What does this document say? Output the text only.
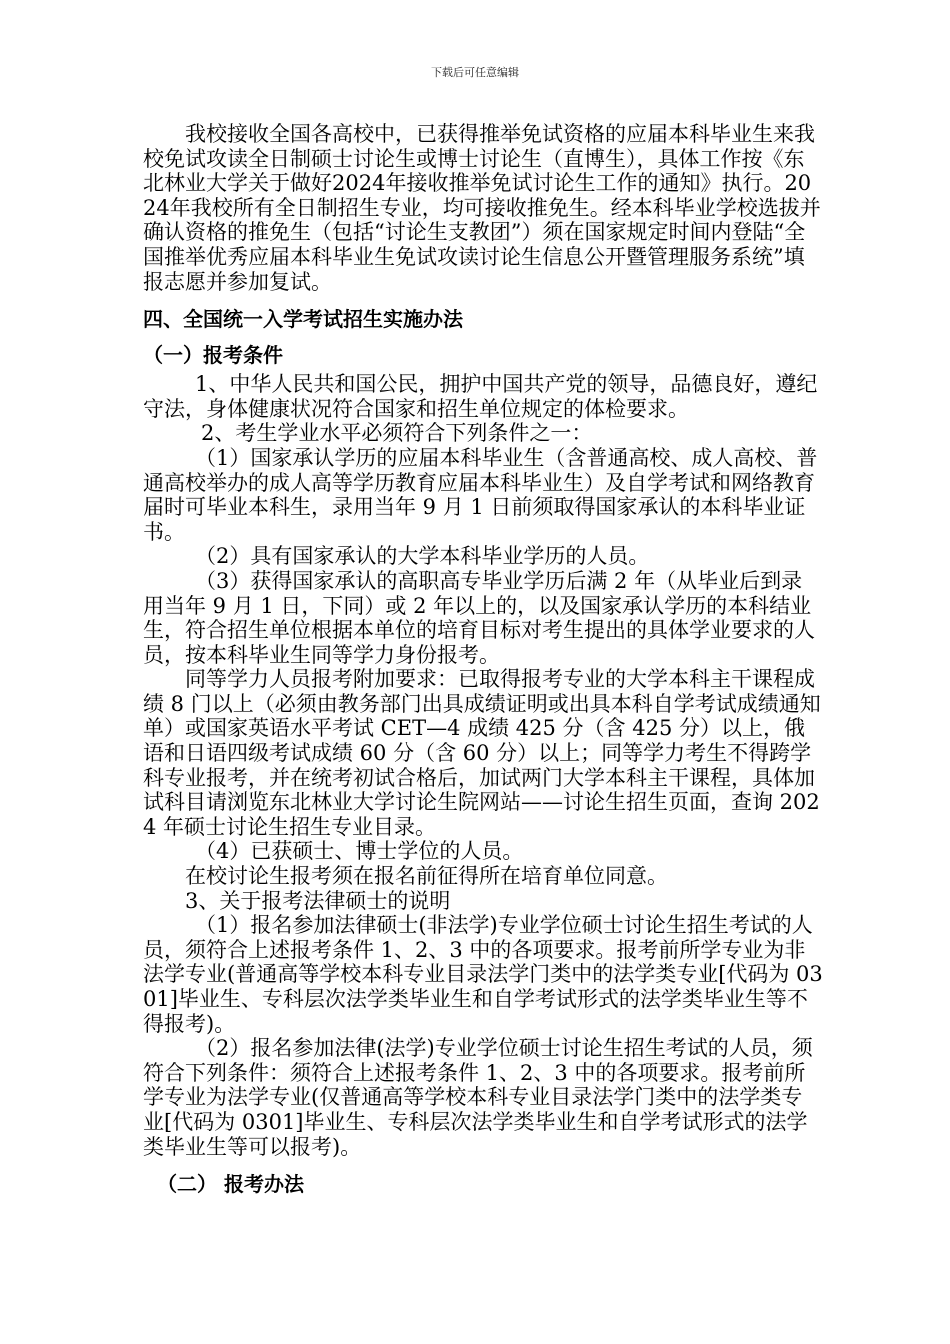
下载后可任意编辑

我校接收全国各高校中，已获得推举免试资格的应届本科毕业生来我校免试攻读全日制硕士讨论生或博士讨论生（直博生），具体工作按《东北林业大学关于做好2024年接收推举免试讨论生工作的通知》执行。2024年我校所有全日制招生专业，均可接收推免生。经本科毕业学校选拔并确认资格的推免生（包括“讨论生支教团”）须在国家规定时间内登陆“全国推举优秀应届本科毕业生免试攻读讨论生信息公开暨管理服务系统”填报志愿并参加复试。

四、全国统一入学考试招生实施办法

（一）报考条件

1、中华人民共和国公民，拥护中国共产党的领导，品德良好，遵纪守法，身体健康状况符合国家和招生单位规定的体检要求。

2、考生学业水平必须符合下列条件之一：

（1）国家承认学历的应届本科毕业生（含普通高校、成人高校、普通高校举办的成人高等学历教育应届本科毕业生）及自学考试和网络教育届时可毕业本科生，录用当年 9 月 1 日前须取得国家承认的本科毕业证书。

（2）具有国家承认的大学本科毕业学历的人员。

（3）获得国家承认的高职高专毕业学历后满 2 年（从毕业后到录用当年 9 月 1 日，下同）或 2 年以上的，以及国家承认学历的本科结业生，符合招生单位根据本单位的培育目标对考生提出的具体学业要求的人员，按本科毕业生同等学力身份报考。

同等学力人员报考附加要求：已取得报考专业的大学本科主干课程成绩 8 门以上（必须由教务部门出具成绩证明或出具本科自学考试成绩通知单）或国家英语水平考试 CET—4 成绩 425 分（含 425 分）以上，俄语和日语四级考试成绩 60 分（含 60 分）以上；同等学力考生不得跨学科专业报考，并在统考初试合格后，加试两门大学本科主干课程，具体加试科目请浏览东北林业大学讨论生院网站——讨论生招生页面，查询 2024 年硕士讨论生招生专业目录。

（4）已获硕士、博士学位的人员。

在校讨论生报考须在报名前征得所在培育单位同意。

3、关于报考法律硕士的说明

（1）报名参加法律硕士(非法学)专业学位硕士讨论生招生考试的人员，须符合上述报考条件 1、2、3 中的各项要求。报考前所学专业为非法学专业(普通高等学校本科专业目录法学门类中的法学类专业[代码为 0301]毕业生、专科层次法学类毕业生和自学考试形式的法学类毕业生等不得报考)。

（2）报名参加法律(法学)专业学位硕士讨论生招生考试的人员，须符合下列条件：须符合上述报考条件 1、2、3 中的各项要求。报考前所学专业为法学专业(仅普通高等学校本科专业目录法学门类中的法学类专业[代码为 0301]毕业生、专科层次法学类毕业生和自学考试形式的法学类毕业生等可以报考)。

（二） 报考办法
